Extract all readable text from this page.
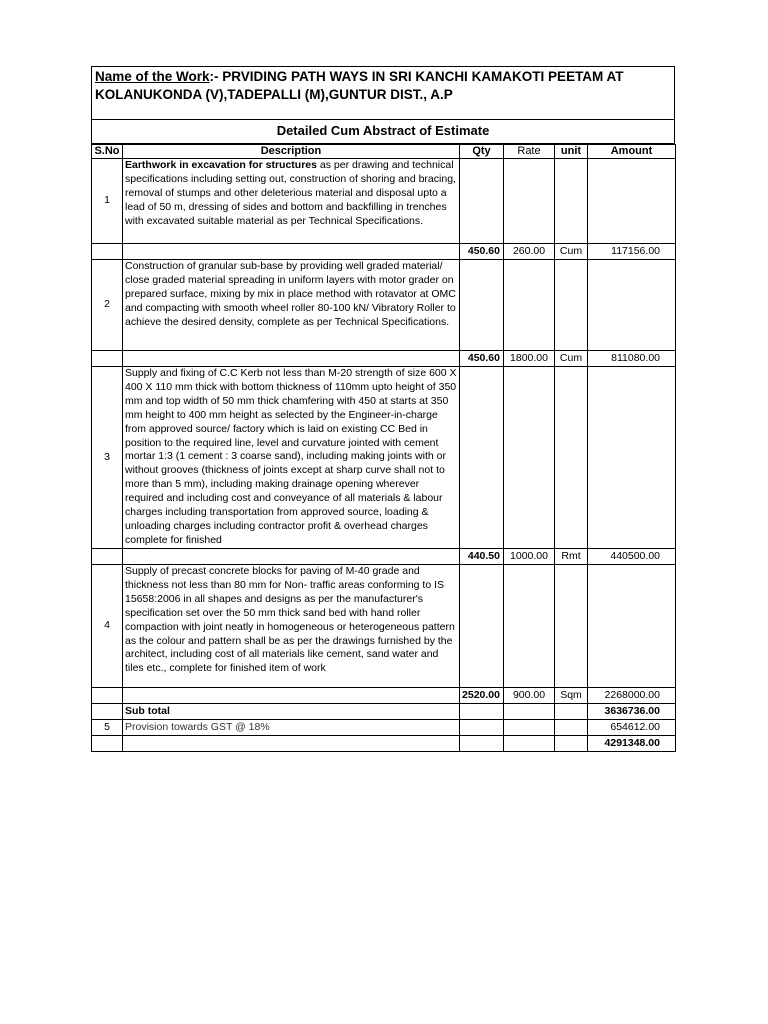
Name of the Work:- PRVIDING PATH WAYS IN SRI KANCHI KAMAKOTI PEETAM AT KOLANUKONDA (V),TADEPALLI (M),GUNTUR DIST., A.P
Detailed Cum Abstract of Estimate
S.No	Description	Qty	Rate	unit	Amount
1	Earthwork in excavation for structures as per drawing and technical specifications including setting out, construction of shoring and bracing, removal of stumps and other deleterious material and disposal upto a lead of 50 m, dressing of sides and bottom and backfilling in trenches with excavated suitable material as per Technical Specifications.				
		450.60	260.00	Cum	117156.00
2	Construction of granular sub-base by providing well graded material/ close graded material spreading in uniform layers with motor grader on prepared surface, mixing by mix in place method with rotavator at OMC and compacting with smooth wheel roller 80-100 kN/ Vibratory Roller to achieve the desired density, complete as per Technical Specifications.				
		450.60	1800.00	Cum	811080.00
3	Supply and fixing of C.C Kerb not less than M-20 strength of size 600 X 400 X 110 mm thick with bottom thickness of 110mm upto height of 350 mm and top width of 50 mm thick chamfering with 450 at starts at 350 mm height to 400 mm height as selected by the Engineer-in-charge from approved source/ factory which is laid on existing CC Bed in position to the required line, level and curvature jointed with cement mortar 1:3 (1 cement : 3 coarse sand), including making joints with or without grooves (thickness of joints except at sharp curve shall not to more than 5 mm), including making drainage opening wherever required and including cost and conveyance of all materials & labour charges including transportation from approved source, loading & unloading charges including contractor profit & overhead charges complete for finished				
		440.50	1000.00	Rmt	440500.00
4	Supply of precast concrete blocks for paving of M-40 grade and thickness not less than 80 mm for Non- traffic areas conforming to IS 15658:2006 in all shapes and designs as per the manufacturer's specification set over the 50 mm thick sand bed with hand roller compaction with joint neatly in homogeneous or heterogeneous pattern as the colour and pattern shall be as per the drawings furnished by the architect, including cost of all materials like cement, sand water and tiles etc., complete for finished item of work				
		2520.00	900.00	Sqm	2268000.00
	Sub total				3636736.00
5	Provision towards GST @ 18%				654612.00
					4291348.00
